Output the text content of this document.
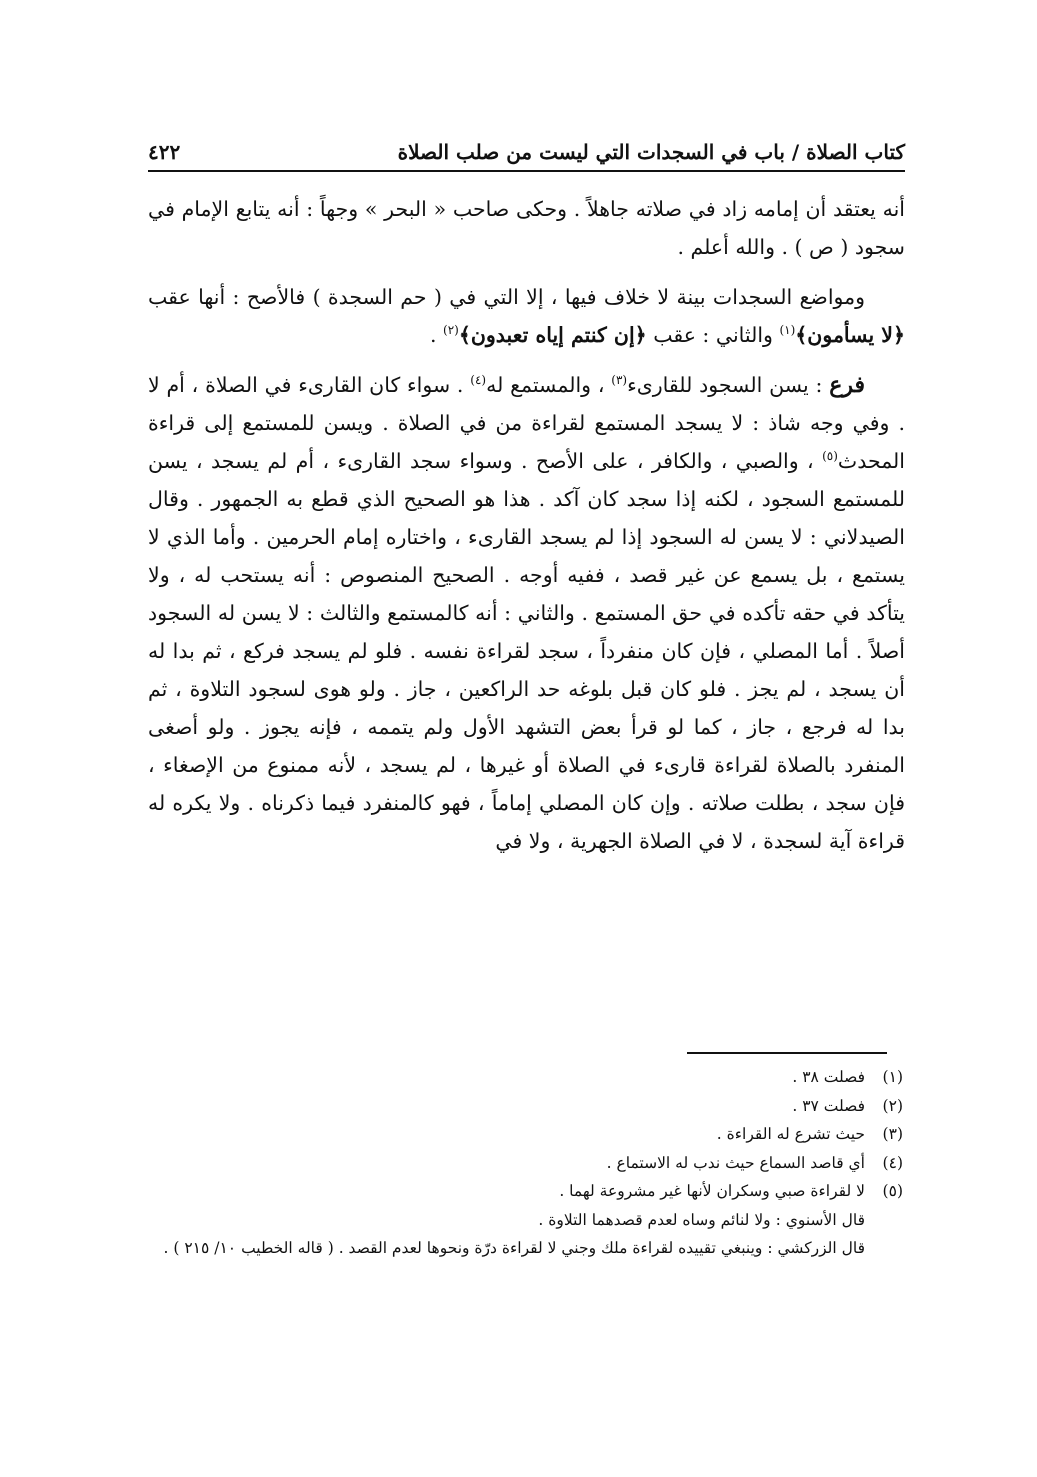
كتاب الصلاة / باب في السجدات التي ليست من صلب الصلاة
٤٢٢

أنه يعتقد أن إمامه زاد في صلاته جاهلاً . وحكى صاحب « البحر » وجهاً : أنه يتابع الإمام في سجود ( ص ) . والله أعلم .

ومواضع السجدات بينة لا خلاف فيها ، إلا التي في ( حم السجدة ) فالأصح : أنها عقب ﴿لا يسأمون﴾$^{(١)}$ والثاني : عقب ﴿إن كنتم إياه تعبدون﴾$^{(٢)}$ .

فرع : يسن السجود للقارىء$^{(٣)}$ ، والمستمع له$^{(٤)}$ . سواء كان القارىء في الصلاة ، أم لا . وفي وجه شاذ : لا يسجد المستمع لقراءة من في الصلاة . ويسن للمستمع إلى قراءة المحدث$^{(٥)}$ ، والصبي ، والكافر ، على الأصح . وسواء سجد القارىء ، أم لم يسجد ، يسن للمستمع السجود ، لكنه إذا سجد كان آكد . هذا هو الصحيح الذي قطع به الجمهور . وقال الصيدلاني : لا يسن له السجود إذا لم يسجد القارىء ، واختاره إمام الحرمين . وأما الذي لا يستمع ، بل يسمع عن غير قصد ، ففيه أوجه . الصحيح المنصوص : أنه يستحب له ، ولا يتأكد في حقه تأكده في حق المستمع . والثاني : أنه كالمستمع والثالث : لا يسن له السجود أصلاً . أما المصلي ، فإن كان منفرداً ، سجد لقراءة نفسه . فلو لم يسجد فركع ، ثم بدا له أن يسجد ، لم يجز . فلو كان قبل بلوغه حد الراكعين ، جاز . ولو هوى لسجود التلاوة ، ثم بدا له فرجع ، جاز ، كما لو قرأ بعض التشهد الأول ولم يتممه ، فإنه يجوز . ولو أصغى المنفرد بالصلاة لقراءة قارىء في الصلاة أو غيرها ، لم يسجد ، لأنه ممنوع من الإصغاء ، فإن سجد ، بطلت صلاته . وإن كان المصلي إماماً ، فهو كالمنفرد فيما ذكرناه . ولا يكره له قراءة آية لسجدة ، لا في الصلاة الجهرية ، ولا في

(١)
فصلت ٣٨ .
(٢)
فصلت ٣٧ .
(٣)
حيث تشرع له القراءة .
(٤)
أي قاصد السماع حيث ندب له الاستماع .
(٥)
لا لقراءة صبي وسكران لأنها غير مشروعة لهما .
قال الأسنوي : ولا لنائم وساه لعدم قصدهما التلاوة .
قال الزركشي : وينبغي تقييده لقراءة ملك وجني لا لقراءة درّة ونحوها لعدم القصد . ( قاله الخطيب ١٠/ ٢١٥ ) .
